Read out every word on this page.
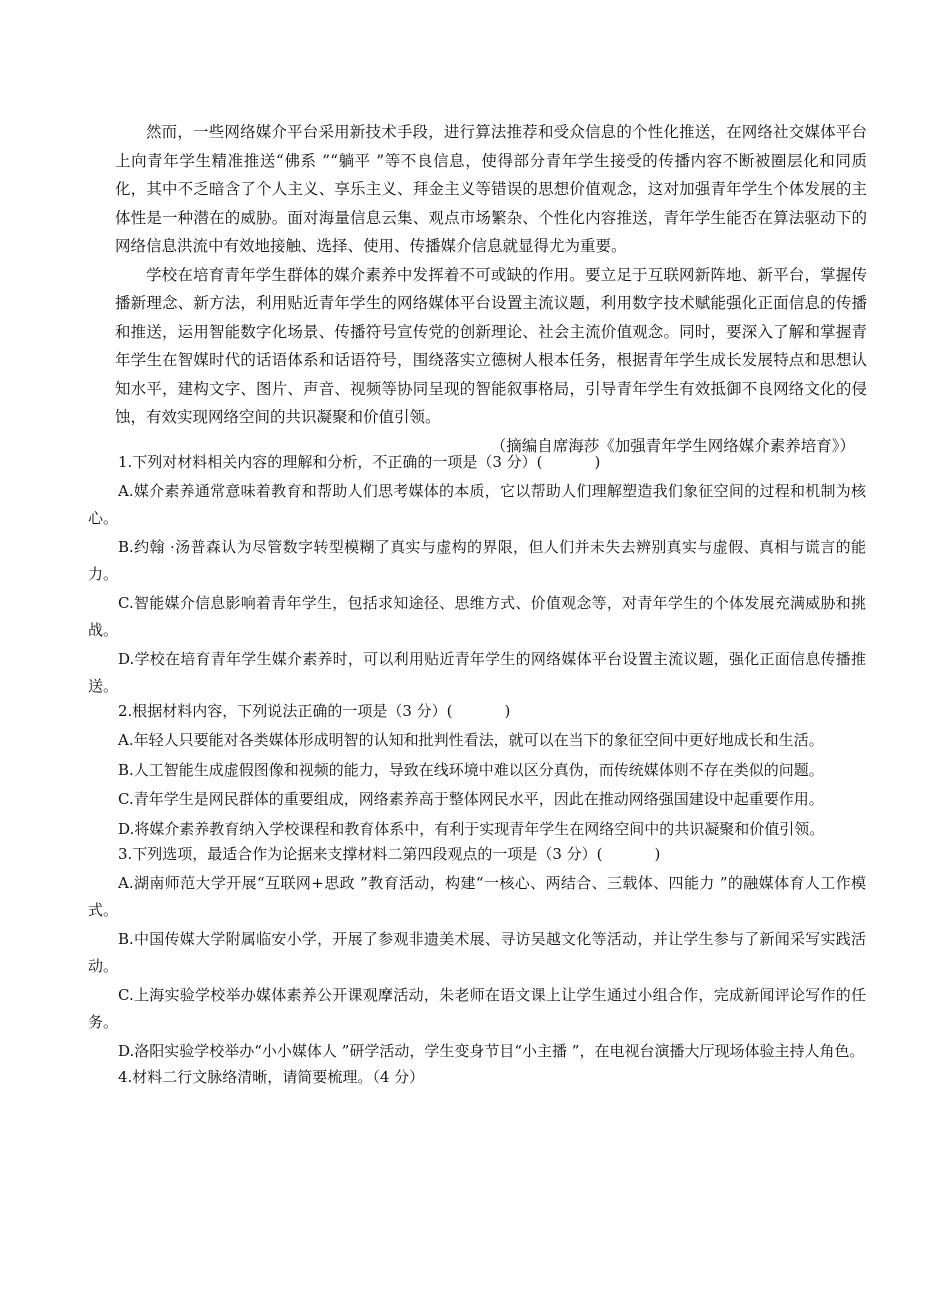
然而，一些网络媒介平台采用新技术手段，进行算法推荐和受众信息的个性化推送，在网络社交媒体平台上向青年学生精准推送“佛系 ”“躺平 ”等不良信息，使得部分青年学生接受的传播内容不断被圈层化和同质化，其中不乏暗含了个人主义、享乐主义、拜金主义等错误的思想价值观念，这对加强青年学生个体发展的主体性是一种潜在的威胁。面对海量信息云集、观点市场繁杂、个性化内容推送，青年学生能否在算法驱动下的网络信息洪流中有效地接触、选择、使用、传播媒介信息就显得尤为重要。

学校在培育青年学生群体的媒介素养中发挥着不可或缺的作用。要立足于互联网新阵地、新平台，掌握传播新理念、新方法，利用贴近青年学生的网络媒体平台设置主流议题，利用数字技术赋能强化正面信息的传播和推送，运用智能数字化场景、传播符号宣传党的创新理论、社会主流价值观念。同时，要深入了解和掌握青年学生在智媒时代的话语体系和话语符号，围绕落实立德树人根本任务，根据青年学生成长发展特点和思想认知水平，建构文字、图片、声音、视频等协同呈现的智能叙事格局，引导青年学生有效抵御不良网络文化的侵蚀，有效实现网络空间的共识凝聚和价值引领。

（摘编自席海莎《加强青年学生网络媒介素养培育》）
1.下列对材料相关内容的理解和分析，不正确的一项是（3 分）(	)
A.媒介素养通常意味着教育和帮助人们思考媒体的本质，它以帮助人们理解塑造我们象征空间的过程和机制为核心。
B.约翰 ·汤普森认为尽管数字转型模糊了真实与虚构的界限，但人们并未失去辨别真实与虚假、真相与谎言的能力。
C.智能媒介信息影响着青年学生，包括求知途径、思维方式、价值观念等，对青年学生的个体发展充满威胁和挑战。
D.学校在培育青年学生媒介素养时，可以利用贴近青年学生的网络媒体平台设置主流议题，强化正面信息传播推送。
2.根据材料内容，下列说法正确的一项是（3 分）(	)
A.年轻人只要能对各类媒体形成明智的认知和批判性看法，就可以在当下的象征空间中更好地成长和生活。
B.人工智能生成虚假图像和视频的能力，导致在线环境中难以区分真伪，而传统媒体则不存在类似的问题。
C.青年学生是网民群体的重要组成，网络素养高于整体网民水平，因此在推动网络强国建设中起重要作用。
D.将媒介素养教育纳入学校课程和教育体系中，有利于实现青年学生在网络空间中的共识凝聚和价值引领。
3.下列选项，最适合作为论据来支撑材料二第四段观点的一项是（3 分）(	)
A.湖南师范大学开展“互联网+思政 ”教育活动，构建“一核心、两结合、三载体、四能力 ”的融媒体育人工作模式。
B.中国传媒大学附属临安小学，开展了参观非遗美术展、寻访吴越文化等活动，并让学生参与了新闻采写实践活动。
C.上海实验学校举办媒体素养公开课观摩活动，朱老师在语文课上让学生通过小组合作，完成新闻评论写作的任务。
D.洛阳实验学校举办“小小媒体人 ”研学活动，学生变身节目“小主播 ”，在电视台演播大厅现场体验主持人角色。
4.材料二行文脉络清晰，请简要梳理。（4 分）
